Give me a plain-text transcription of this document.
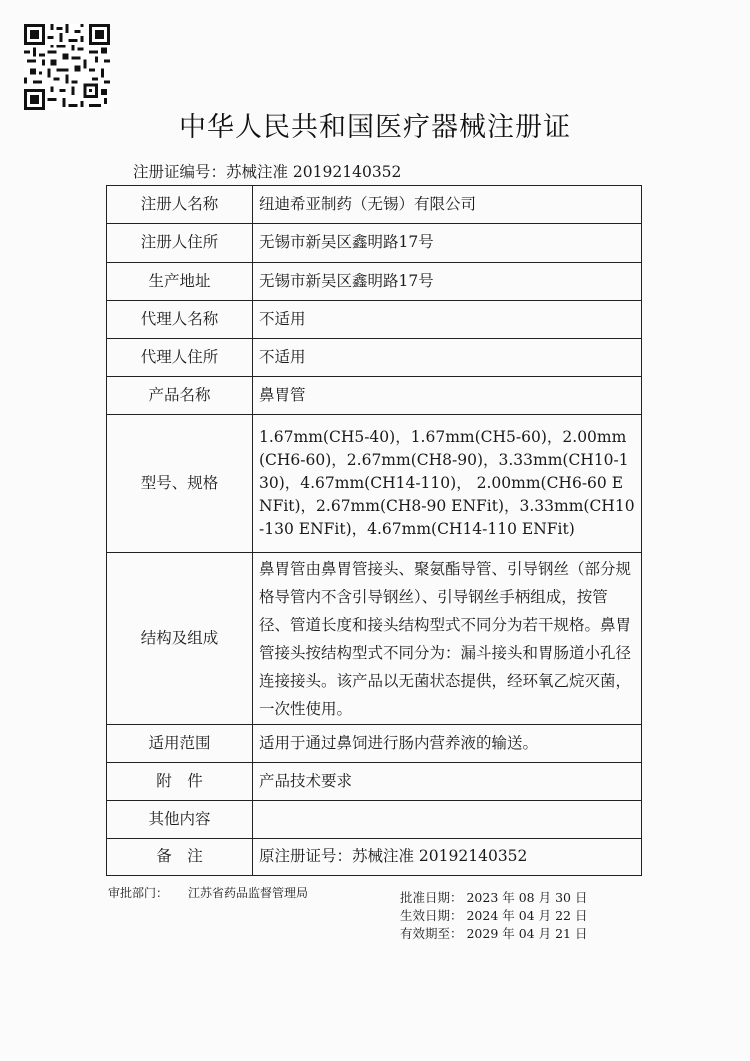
中华人民共和国医疗器械注册证
注册证编号：苏械注准 20192140352
注册人名称	纽迪希亚制药（无锡）有限公司
注册人住所	无锡市新吴区鑫明路17号
生产地址	无锡市新吴区鑫明路17号
代理人名称	不适用
代理人住所	不适用
产品名称	鼻胃管
型号、规格	1.67mm(CH5-40)，1.67mm(CH5-60)，2.00mm(CH6-60)，2.67mm(CH8-90)，3.33mm(CH10-130)，4.67mm(CH14-110)， 2.00mm(CH6-60 ENFit)，2.67mm(CH8-90 ENFit)，3.33mm(CH10-130 ENFit)，4.67mm(CH14-110 ENFit)
结构及组成	鼻胃管由鼻胃管接头、聚氨酯导管、引导钢丝（部分规格导管内不含引导钢丝）、引导钢丝手柄组成，按管径、管道长度和接头结构型式不同分为若干规格。鼻胃管接头按结构型式不同分为：漏斗接头和胃肠道小孔径连接接头。该产品以无菌状态提供，经环氧乙烷灭菌，一次性使用。
适用范围	适用于通过鼻饲进行肠内营养液的输送。
附　件	产品技术要求
其他内容	
备　注	原注册证号：苏械注准 20192140352
审批部门： 江苏省药品监督管理局	批准日期： 2023 年 08 月 30 日
生效日期： 2024 年 04 月 22 日
有效期至： 2029 年 04 月 21 日
